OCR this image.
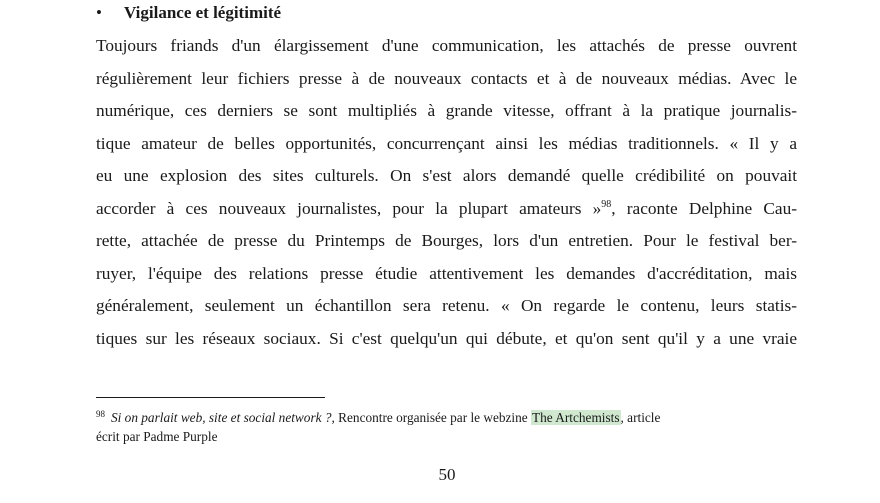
• Vigilance et légitimité
Toujours friands d'un élargissement d'une communication, les attachés de presse ouvrent
régulièrement leur fichiers presse à de nouveaux contacts et à de nouveaux médias. Avec le
numérique, ces derniers se sont multipliés à grande vitesse, offrant à la pratique journalis-
tique amateur de belles opportunités, concurrençant ainsi les médias traditionnels. « Il y a
eu une explosion des sites culturels. On s'est alors demandé quelle crédibilité on pouvait
accorder à ces nouveaux journalistes, pour la plupart amateurs »$^{98}$, raconte Delphine Cau-
rette, attachée de presse du Printemps de Bourges, lors d'un entretien. Pour le festival ber-
ruyer, l'équipe des relations presse étudie attentivement les demandes d'accréditation, mais
généralement, seulement un échantillon sera retenu. « On regarde le contenu, leurs statis-
tiques sur les réseaux sociaux. Si c'est quelqu'un qui débute, et qu'on sent qu'il y a une vraie
$^{98}$ Si on parlait web, site et social network ?, Rencontre organisée par le webzine The Artchemists, article
écrit par Padme Purple
50
